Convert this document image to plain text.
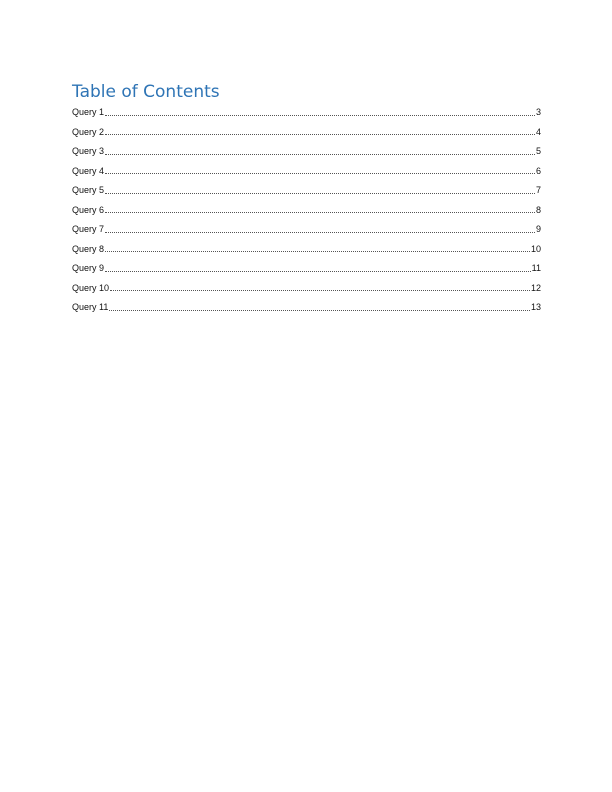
Table of Contents
Query 1	3
Query 2	4
Query 3	5
Query 4	6
Query 5	7
Query 6	8
Query 7	9
Query 8	10
Query 9	11
Query 10	12
Query 11	13
